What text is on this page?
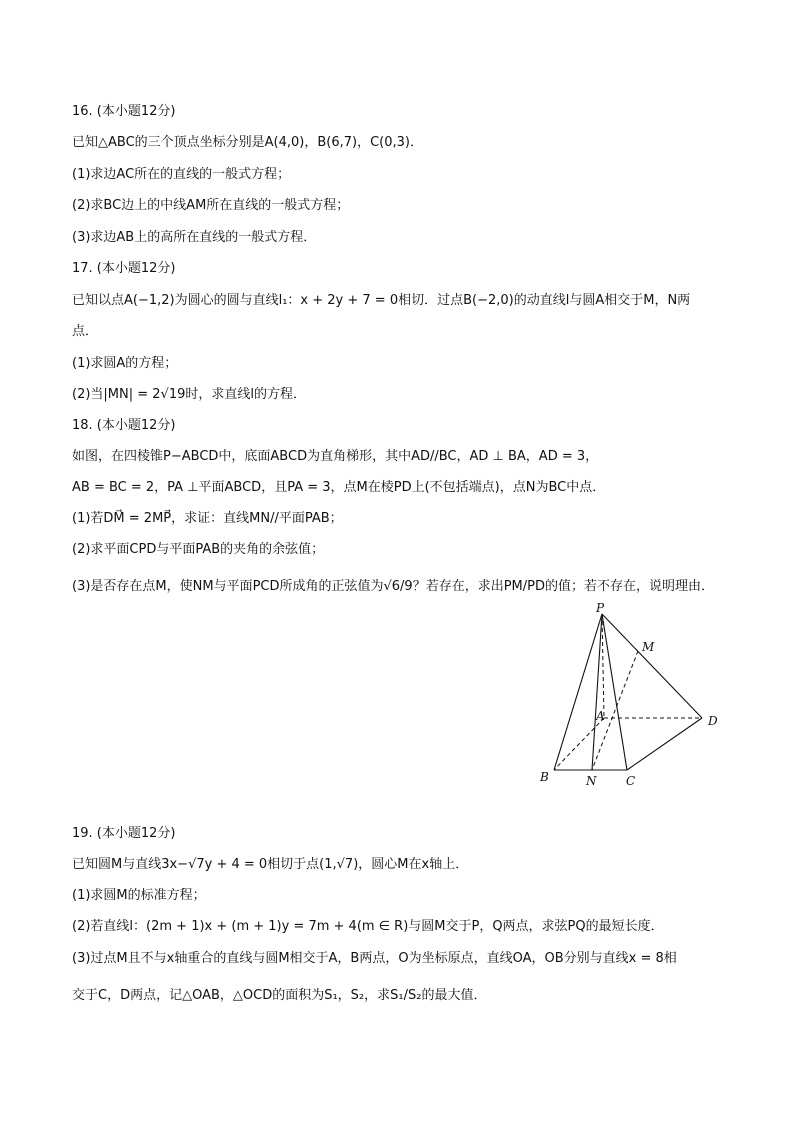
16. (本小题12分)
已知△ABC的三个顶点坐标分别是A(4,0)，B(6,7)，C(0,3)．
(1)求边AC所在的直线的一般式方程；
(2)求BC边上的中线AM所在直线的一般式方程；
(3)求边AB上的高所在直线的一般式方程．
17. (本小题12分)
已知以点A(−1,2)为圆心的圆与直线l₁：x + 2y + 7 = 0相切．过点B(−2,0)的动直线l与圆A相交于M，N两
点．
(1)求圆A的方程；
(2)当|MN| = 2√19时，求直线l的方程．
18. (本小题12分)
如图，在四棱锥P−ABCD中，底面ABCD为直角梯形，其中AD//BC，AD ⊥ BA，AD = 3，
AB = BC = 2，PA ⊥平面ABCD，且PA = 3，点M在棱PD上(不包括端点)，点N为BC中点．
(1)若DM⃗ = 2MP⃗，求证：直线MN//平面PAB；
(2)求平面CPD与平面PAB的夹角的余弦值；
(3)是否存在点M，使NM与平面PCD所成角的正弦值为√6/9？若存在，求出PM/PD的值；若不存在，说明理由．
P
M
A	D
B	N C
19. (本小题12分)
已知圆M与直线3x−√7y + 4 = 0相切于点(1,√7)，圆心M在x轴上．
(1)求圆M的标准方程；
(2)若直线l：(2m + 1)x + (m + 1)y = 7m + 4(m ∈ R)与圆M交于P，Q两点，求弦PQ的最短长度．
(3)过点M且不与x轴重合的直线与圆M相交于A，B两点，O为坐标原点，直线OA，OB分别与直线x = 8相
交于C，D两点，记△OAB，△OCD的面积为S₁，S₂，求S₁/S₂的最大值．
